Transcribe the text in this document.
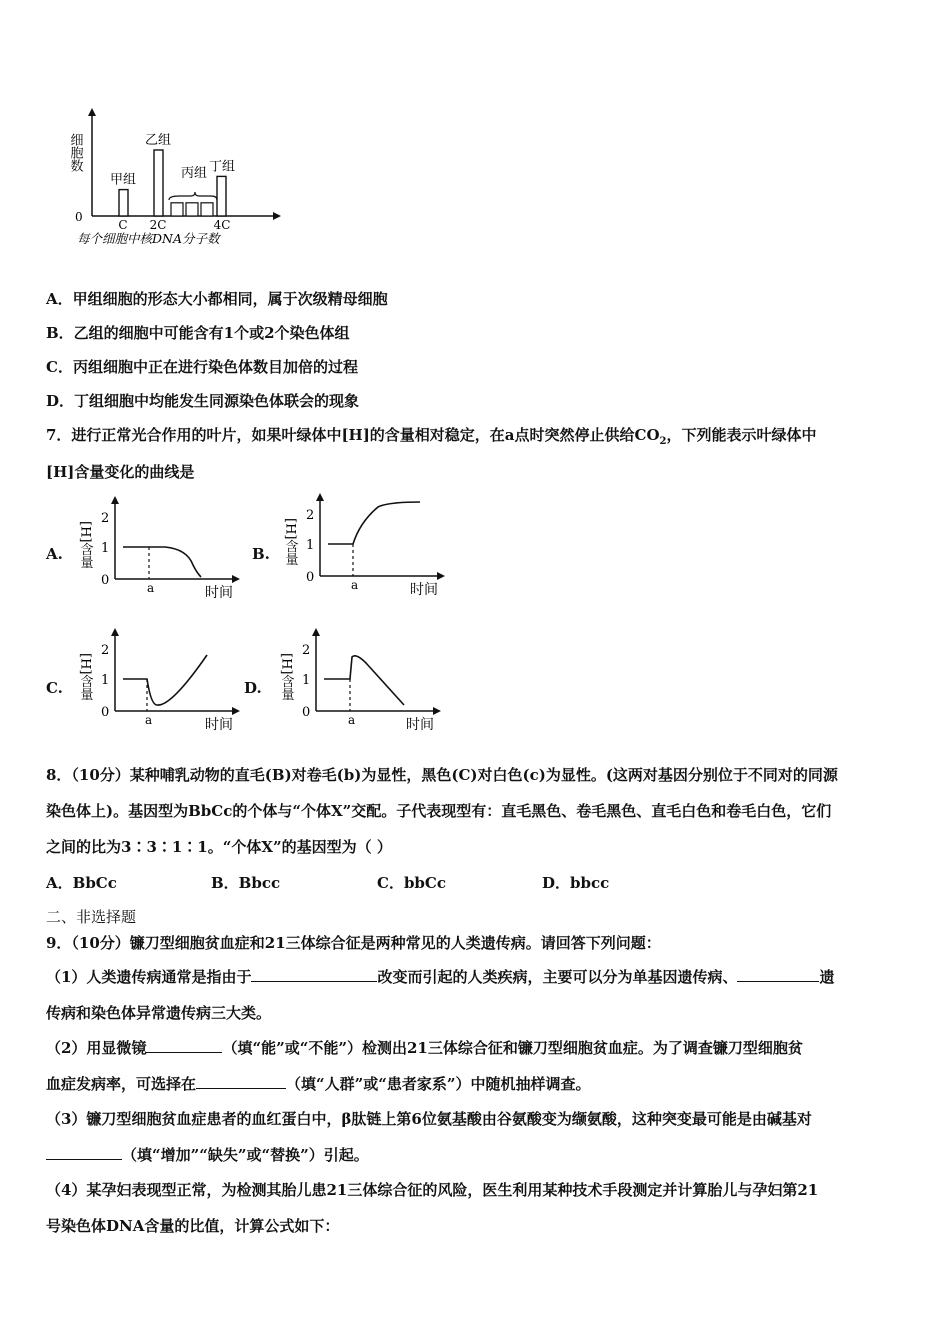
细胞数
0
甲组
乙组
丙组 丁组
C 2C	4C
每个细胞中核DNA分子数
A．甲组细胞的形态大小都相同，属于次级精母细胞
B．乙组的细胞中可能含有1个或2个染色体组
C．丙组细胞中正在进行染色体数目加倍的过程
D．丁组细胞中均能发生同源染色体联会的现象
7．进行正常光合作用的叶片，如果叶绿体中[H]的含量相对稳定，在a点时突然停止供给$CO_2$，下列能表示叶绿体中
[H]含量变化的曲线是
A.	B.
C.	D.
[H]含量
2
1
0	a	时间
[H]含量
2
1
0	a	时间
[H]含量
2
1
0	a	时间
[H]含量
2
1
0	a	时间
8．（10分）某种哺乳动物的直毛(B)对卷毛(b)为显性，黑色(C)对白色(c)为显性。(这两对基因分别位于不同对的同源
染色体上)。基因型为BbCc的个体与“个体X”交配。子代表现型有：直毛黑色、卷毛黑色、直毛白色和卷毛白色，它们
之间的比为3∶3∶1∶1。“个体X”的基因型为（ ）
A．BbCc	B．Bbcc	C．bbCc	D．bbcc
二、非选择题
9．（10分）镰刀型细胞贫血症和21三体综合征是两种常见的人类遗传病。请回答下列问题：
（1）人类遗传病通常是指由于	改变而引起的人类疾病，主要可以分为单基因遗传病、	遗
传病和染色体异常遗传病三大类。
（2）用显微镜	（填“能”或“不能”）检测出21三体综合征和镰刀型细胞贫血症。为了调查镰刀型细胞贫
血症发病率，可选择在	（填“人群”或“患者家系”）中随机抽样调查。
（3）镰刀型细胞贫血症患者的血红蛋白中，β肽链上第6位氨基酸由谷氨酸变为缬氨酸，这种突变最可能是由碱基对
（填“增加”“缺失”或“替换”）引起。
（4）某孕妇表现型正常，为检测其胎儿患21三体综合征的风险，医生利用某种技术手段测定并计算胎儿与孕妇第21
号染色体DNA含量的比值，计算公式如下：
